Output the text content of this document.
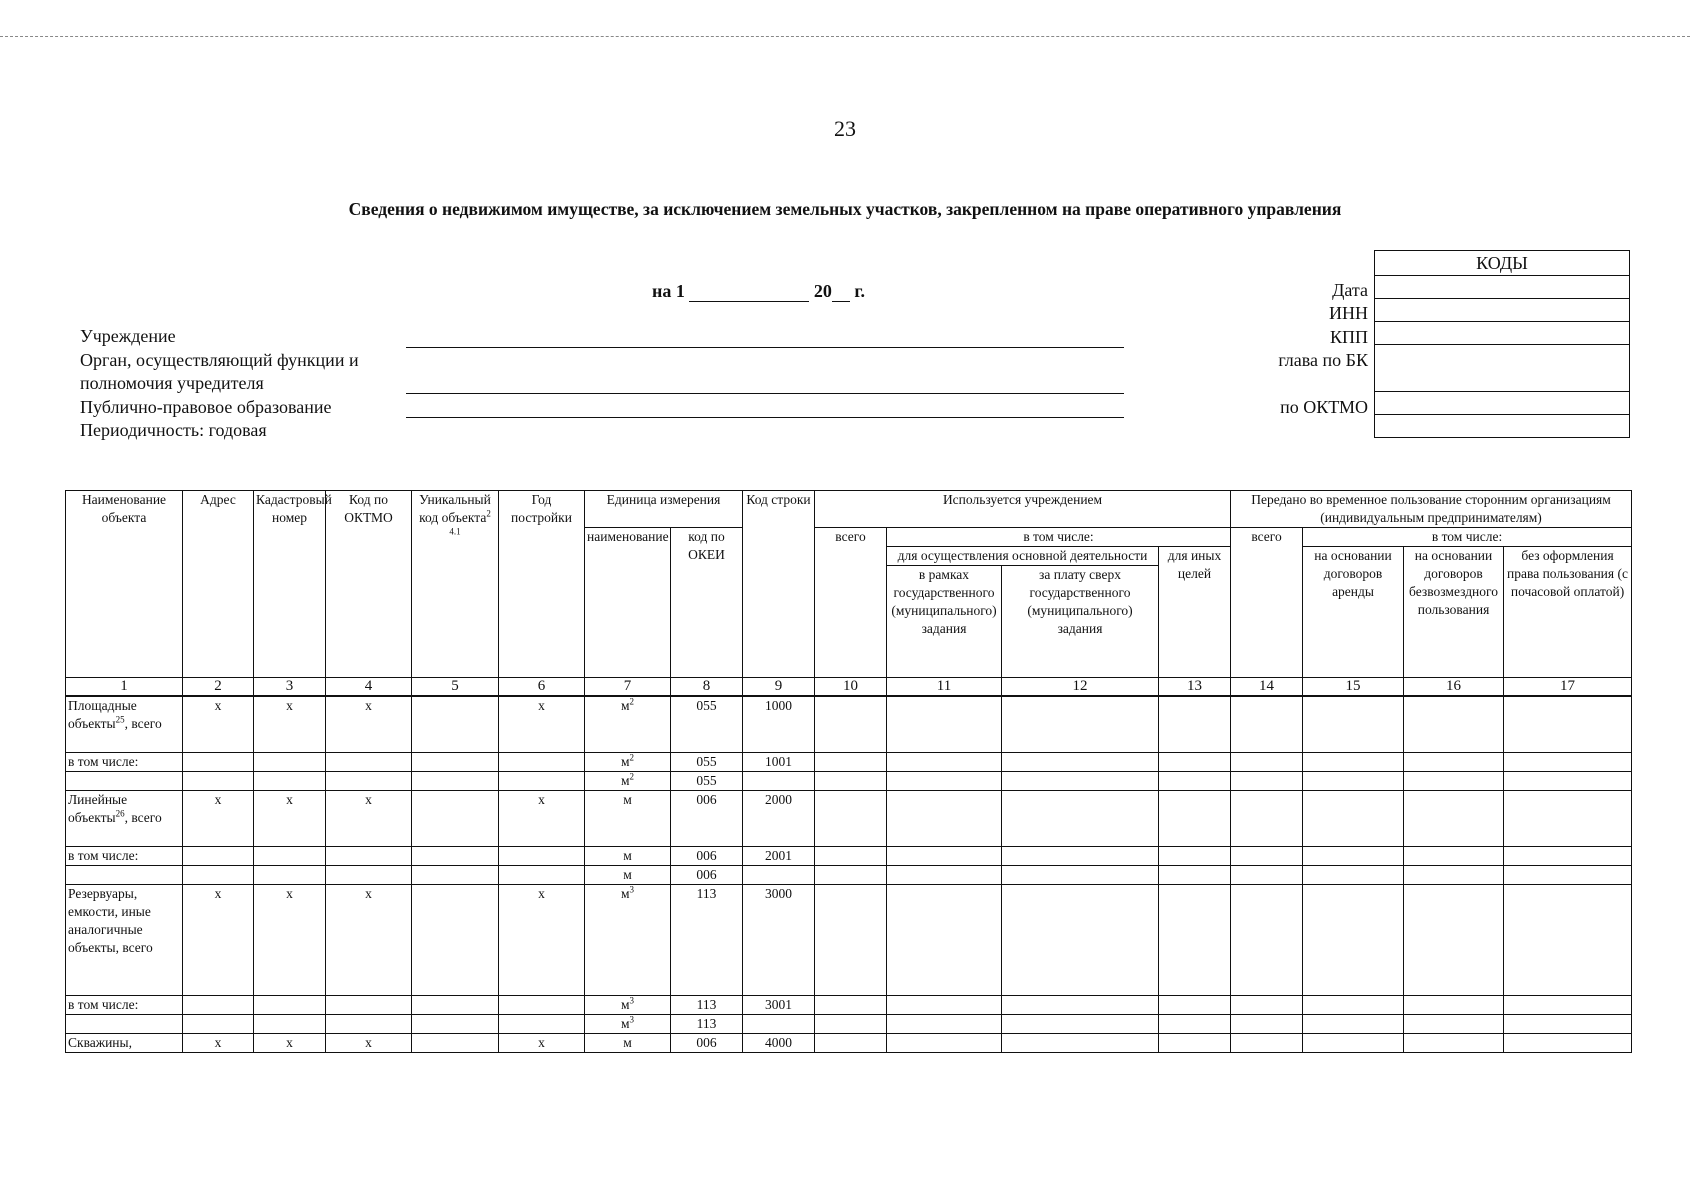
23
Сведения о недвижимом имуществе, за исключением земельных участков, закрепленном на праве оперативного управления
на 1	20 г.
Учреждение
Орган, осуществляющий функции и
полномочия учредителя
Публично-правовое образование
Периодичность: годовая
Дата
ИНН
КПП
глава по БК
по ОКТМО
КОДЫ

Наименование объекта	Адрес	Кадастровый номер	Код по ОКТМО	Уникальный код объекта$^{2 4.1}$	Год постройки	Единица измерения		Код строки	Используется учреждением				Передано во временное пользование сторонним организациям (индивидуальным предпринимателям)			
						наименование	код по ОКЕИ		всего	в том числе:			всего	в том числе:		
										для осуществления основной деятельности		для иных целей		на основании договоров аренды	на основании договоров безвозмездного пользования	без оформления права пользования (с почасовой оплатой)
										в рамках государственного (муниципального) задания	за плату сверх государственного (муниципального) задания					
1	2	3	4	5	6	7	8	9	10	11	12	13	14	15	16	17
Площадные объекты$^{25}$, всего	х	х	х		х	$м^2$	055	1000								
в том числе:						$м^2$	055	1001								
						$м^2$	055									
Линейные объекты$^{26}$, всего	х	х	х		х	м	006	2000								
в том числе:						м	006	2001								
						м	006									
Резервуары, емкости, иные аналогичные объекты, всего	х	х	х		х	$м^3$	113	3000								
в том числе:						$м^3$	113	3001								
						$м^3$	113									
Скважины,	х	х	х		х	м	006	4000								
